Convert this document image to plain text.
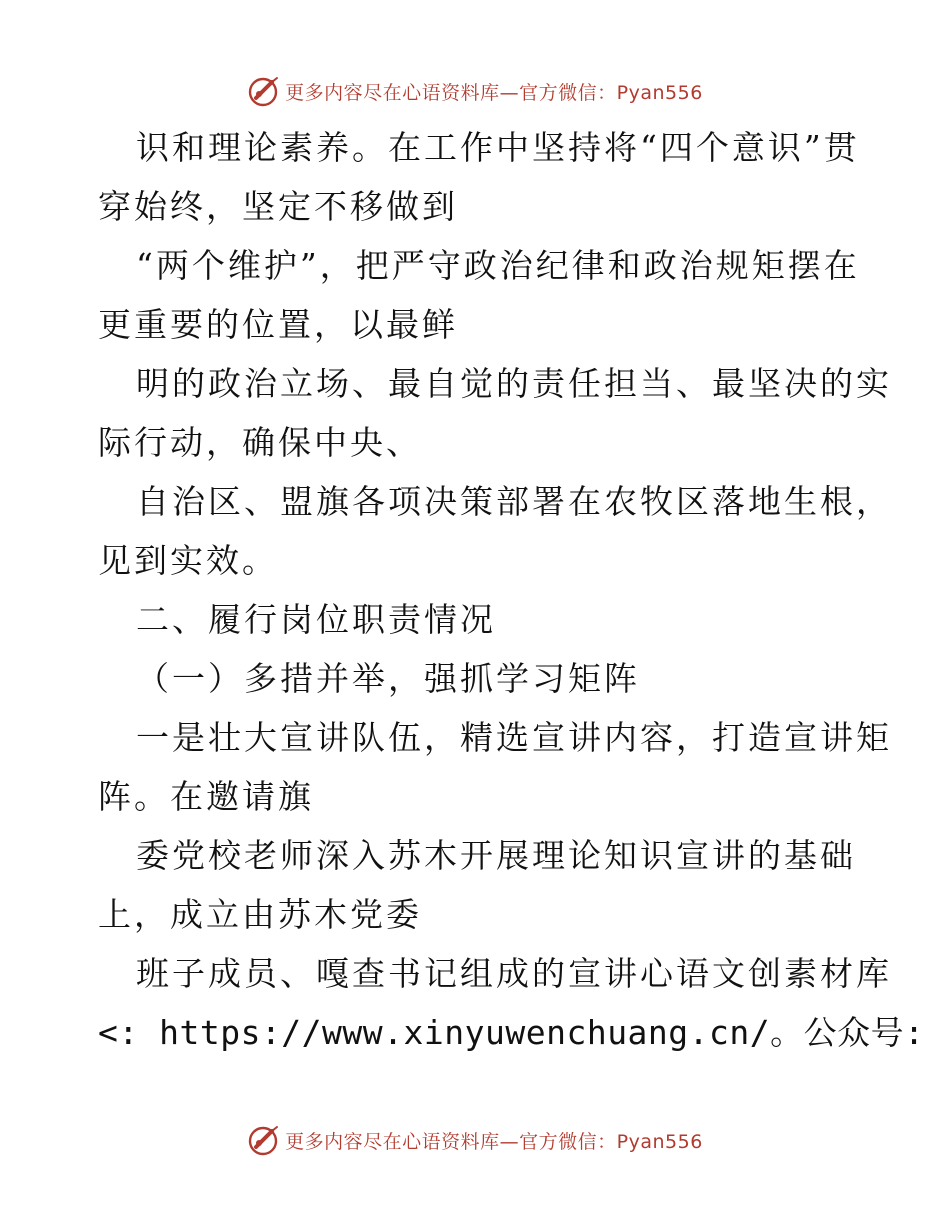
更多内容尽在心语资料库—官方微信：Pyan556
识和理论素养。在工作中坚持将“四个意识”贯
穿始终，坚定不移做到
“两个维护”，把严守政治纪律和政治规矩摆在
更重要的位置，以最鲜
明的政治立场、最自觉的责任担当、最坚决的实
际行动，确保中央、
自治区、盟旗各项决策部署在农牧区落地生根，
见到实效。
二、履行岗位职责情况
（一）多措并举，强抓学习矩阵
一是壮大宣讲队伍，精选宣讲内容，打造宣讲矩
阵。在邀请旗
委党校老师深入苏木开展理论知识宣讲的基础
上，成立由苏木党委
班子成员、嘎查书记组成的宣讲心语文创素材库
<: https://www.xinyuwenchuang.cn/。公众号:
更多内容尽在心语资料库—官方微信：Pyan556
